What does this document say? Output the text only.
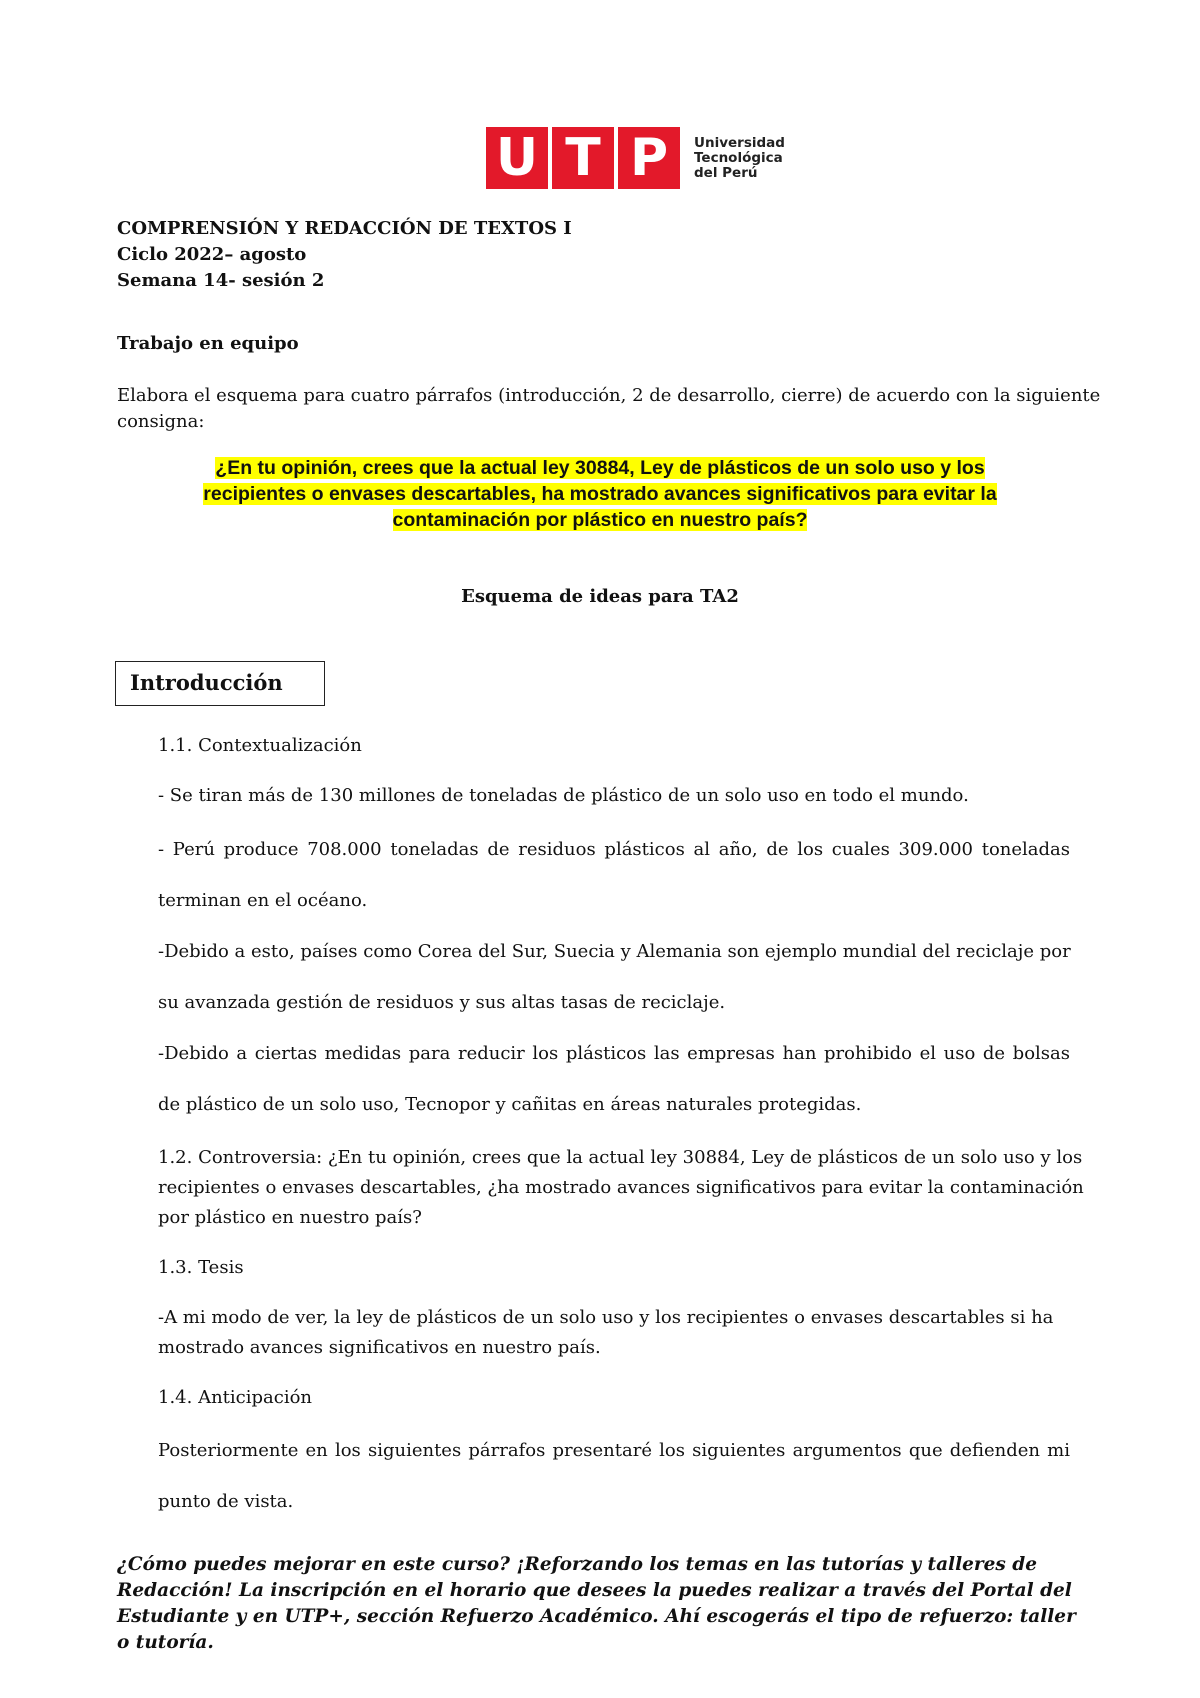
U T P Universidad
Tecnológica
del Perú
COMPRENSIÓN Y REDACCIÓN DE TEXTOS I
Ciclo 2022– agosto
Semana 14- sesión 2
Trabajo en equipo
Elabora el esquema para cuatro párrafos (introducción, 2 de desarrollo, cierre) de acuerdo con la siguiente
consigna:
¿En tu opinión, crees que la actual ley 30884, Ley de plásticos de un solo uso y los recipientes o envases descartables, ha mostrado avances significativos para evitar la contaminación por plástico en nuestro país?
Esquema de ideas para TA2
Introducción
1.1. Contextualización
- Se tiran más de 130 millones de toneladas de plástico de un solo uso en todo el mundo.
- Perú produce 708.000 toneladas de residuos plásticos al año, de los cuales 309.000 toneladas
terminan en el océano.
-Debido a esto, países como Corea del Sur, Suecia y Alemania son ejemplo mundial del reciclaje por
su avanzada gestión de residuos y sus altas tasas de reciclaje.
-Debido a ciertas medidas para reducir los plásticos las empresas han prohibido el uso de bolsas
de plástico de un solo uso, Tecnopor y cañitas en áreas naturales protegidas.
1.2. Controversia: ¿En tu opinión, crees que la actual ley 30884, Ley de plásticos de un solo uso y los
recipientes o envases descartables, ¿ha mostrado avances significativos para evitar la contaminación
por plástico en nuestro país?
1.3. Tesis
-A mi modo de ver, la ley de plásticos de un solo uso y los recipientes o envases descartables si ha
mostrado avances significativos en nuestro país.
1.4. Anticipación
Posteriormente en los siguientes párrafos presentaré los siguientes argumentos que defienden mi
punto de vista.
¿Cómo puedes mejorar en este curso? ¡Reforzando los temas en las tutorías y talleres de Redacción! La inscripción en el horario que desees la puedes realizar a través del Portal del Estudiante y en UTP+, sección Refuerzo Académico. Ahí escogerás el tipo de refuerzo: taller o tutoría.
